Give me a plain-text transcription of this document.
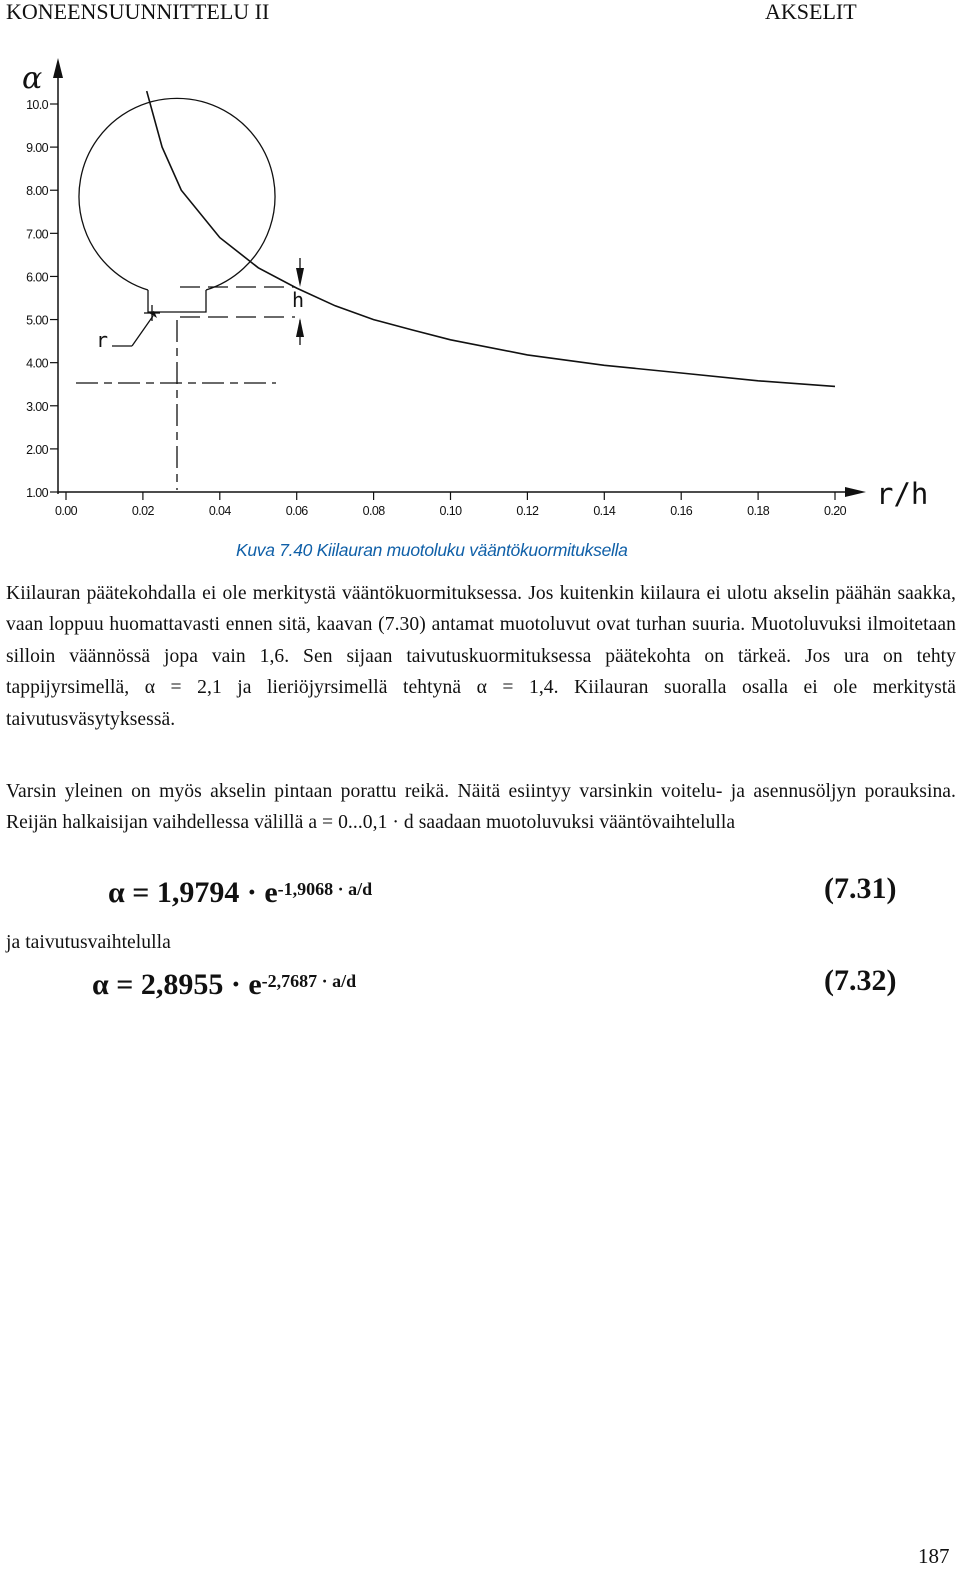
KONEENSUUNNITTELU II	AKSELIT
α
r/h
10.0
9.00
8.00
7.00
6.00
5.00
4.00
3.00
2.00
1.00
0.00	0.02	0.04	0.06	0.08	0.10	0.12	0.14	0.16	0.18	0.20
h
r
Kuva 7.40 Kiilauran muotoluku vääntökuormituksella

Kiilauran päätekohdalla ei ole merkitystä vääntökuormituksessa. Jos kuitenkin kiilaura ei ulotu akselin päähän saakka, vaan loppuu huomattavasti ennen sitä, kaavan (7.30) antamat muotoluvut ovat turhan suuria. Muotoluvuksi ilmoitetaan silloin väännössä jopa vain 1,6. Sen sijaan taivutuskuormituksessa päätekohta on tärkeä. Jos ura on tehty tappijyrsimellä, α = 2,1 ja lieriöjyrsimellä tehtynä α = 1,4. Kiilauran suoralla osalla ei ole merkitystä taivutusväsytyksessä.

Varsin yleinen on myös akselin pintaan porattu reikä. Näitä esiintyy varsinkin voitelu- ja asennusöljyn porauksina. Reijän halkaisijan vaihdellessa välillä a = 0...0,1 · d saadaan muotoluvuksi vääntövaihtelulla

$\alpha = 1,9794 \cdot e^{-1,9068 \cdot a/d}$	(7.31)

ja taivutusvaihtelulla

$\alpha = 2,8955 \cdot e^{-2,7687 \cdot a/d}$	(7.32)
187
